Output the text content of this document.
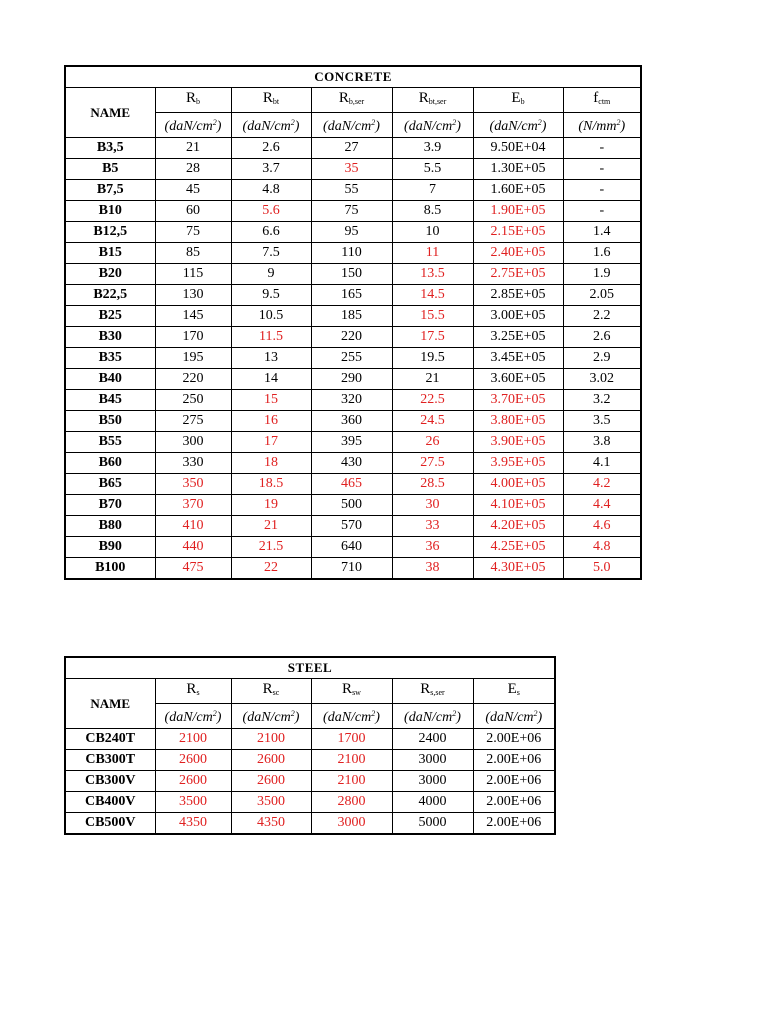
CONCRETE						
NAME	$R_b$	$R_{bt}$	$R_{b,ser}$	$R_{bt,ser}$	$E_b$	$f_{ctm}$
	$(daN/cm^2)$	$(daN/cm^2)$	$(daN/cm^2)$	$(daN/cm^2)$	$(daN/cm^2)$	$(N/mm^2)$
B3,5	21	2.6	27	3.9	9.50E+04	-
B5	28	3.7	35	5.5	1.30E+05	-
B7,5	45	4.8	55	7	1.60E+05	-
B10	60	5.6	75	8.5	1.90E+05	-
B12,5	75	6.6	95	10	2.15E+05	1.4
B15	85	7.5	110	11	2.40E+05	1.6
B20	115	9	150	13.5	2.75E+05	1.9
B22,5	130	9.5	165	14.5	2.85E+05	2.05
B25	145	10.5	185	15.5	3.00E+05	2.2
B30	170	11.5	220	17.5	3.25E+05	2.6
B35	195	13	255	19.5	3.45E+05	2.9
B40	220	14	290	21	3.60E+05	3.02
B45	250	15	320	22.5	3.70E+05	3.2
B50	275	16	360	24.5	3.80E+05	3.5
B55	300	17	395	26	3.90E+05	3.8
B60	330	18	430	27.5	3.95E+05	4.1
B65	350	18.5	465	28.5	4.00E+05	4.2
B70	370	19	500	30	4.10E+05	4.4
B80	410	21	570	33	4.20E+05	4.6
B90	440	21.5	640	36	4.25E+05	4.8
B100	475	22	710	38	4.30E+05	5.0
STEEL					
NAME	$R_s$	$R_{sc}$	$R_{sw}$	$R_{s,ser}$	$E_s$
	$(daN/cm^2)$	$(daN/cm^2)$	$(daN/cm^2)$	$(daN/cm^2)$	$(daN/cm^2)$
CB240T	2100	2100	1700	2400	2.00E+06
CB300T	2600	2600	2100	3000	2.00E+06
CB300V	2600	2600	2100	3000	2.00E+06
CB400V	3500	3500	2800	4000	2.00E+06
CB500V	4350	4350	3000	5000	2.00E+06
